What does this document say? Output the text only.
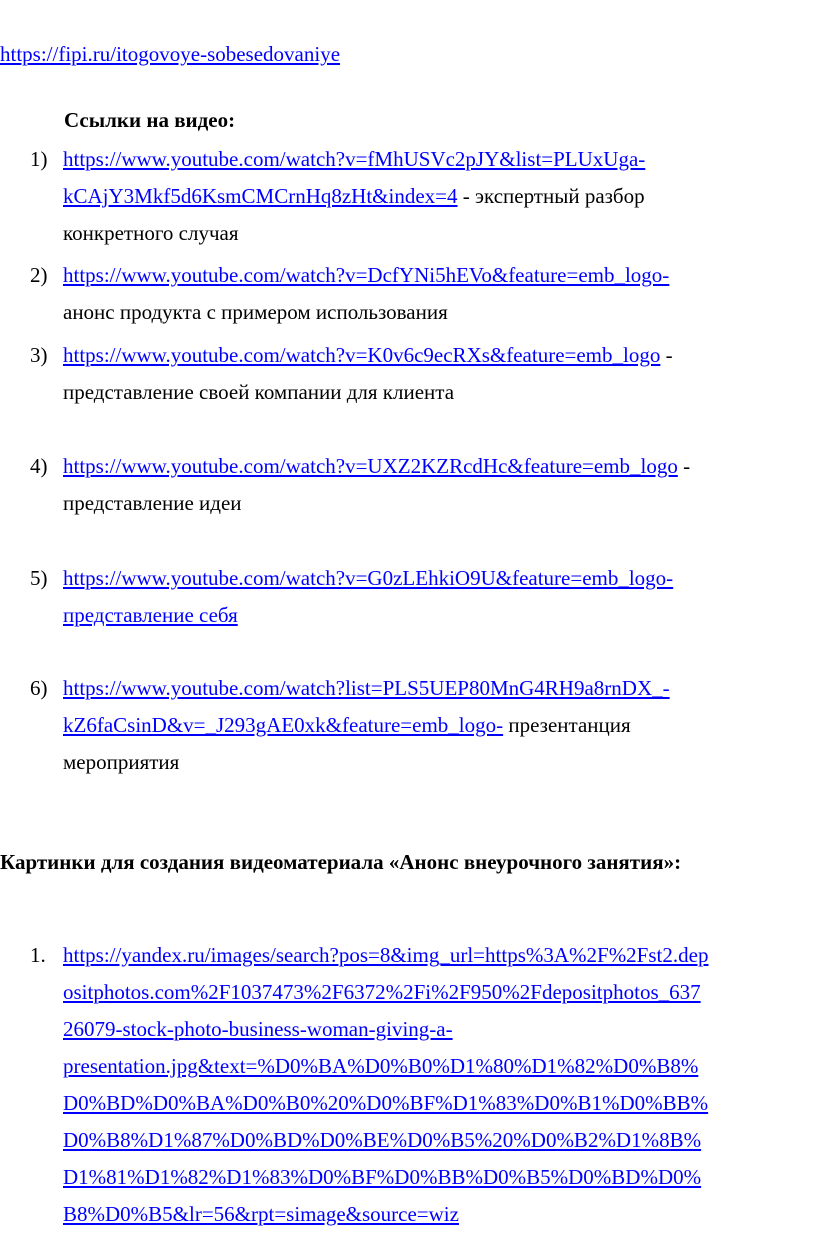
https://fipi.ru/itogovoye-sobesedovaniye
Ссылки на видео:
1) https://www.youtube.com/watch?v=fMhUSVc2pJY&list=PLUxUga-
kCAjY3Mkf5d6KsmCMCrnHq8zHt&index=4 - экспертный разбор
конкретного случая
2) https://www.youtube.com/watch?v=DcfYNi5hEVo&feature=emb_logo-
анонс продукта с примером использования
3) https://www.youtube.com/watch?v=K0v6c9ecRXs&feature=emb_logo -
представление своей компании для клиента
4) https://www.youtube.com/watch?v=UXZ2KZRcdHc&feature=emb_logo -
представление идеи
5) https://www.youtube.com/watch?v=G0zLEhkiO9U&feature=emb_logo-
представление себя
6) https://www.youtube.com/watch?list=PLS5UEP80MnG4RH9a8rnDX_-
kZ6faCsinD&v=_J293gAE0xk&feature=emb_logo- презентанция
мероприятия
Картинки для создания видеоматериала «Анонс внеурочного занятия»:
1. https://yandex.ru/images/search?pos=8&img_url=https%3A%2F%2Fst2.dep
ositphotos.com%2F1037473%2F6372%2Fi%2F950%2Fdepositphotos_637
26079-stock-photo-business-woman-giving-a-
presentation.jpg&text=%D0%BA%D0%B0%D1%80%D1%82%D0%B8%
D0%BD%D0%BA%D0%B0%20%D0%BF%D1%83%D0%B1%D0%BB%
D0%B8%D1%87%D0%BD%D0%BE%D0%B5%20%D0%B2%D1%8B%
D1%81%D1%82%D1%83%D0%BF%D0%BB%D0%B5%D0%BD%D0%
B8%D0%B5&lr=56&rpt=simage&source=wiz
